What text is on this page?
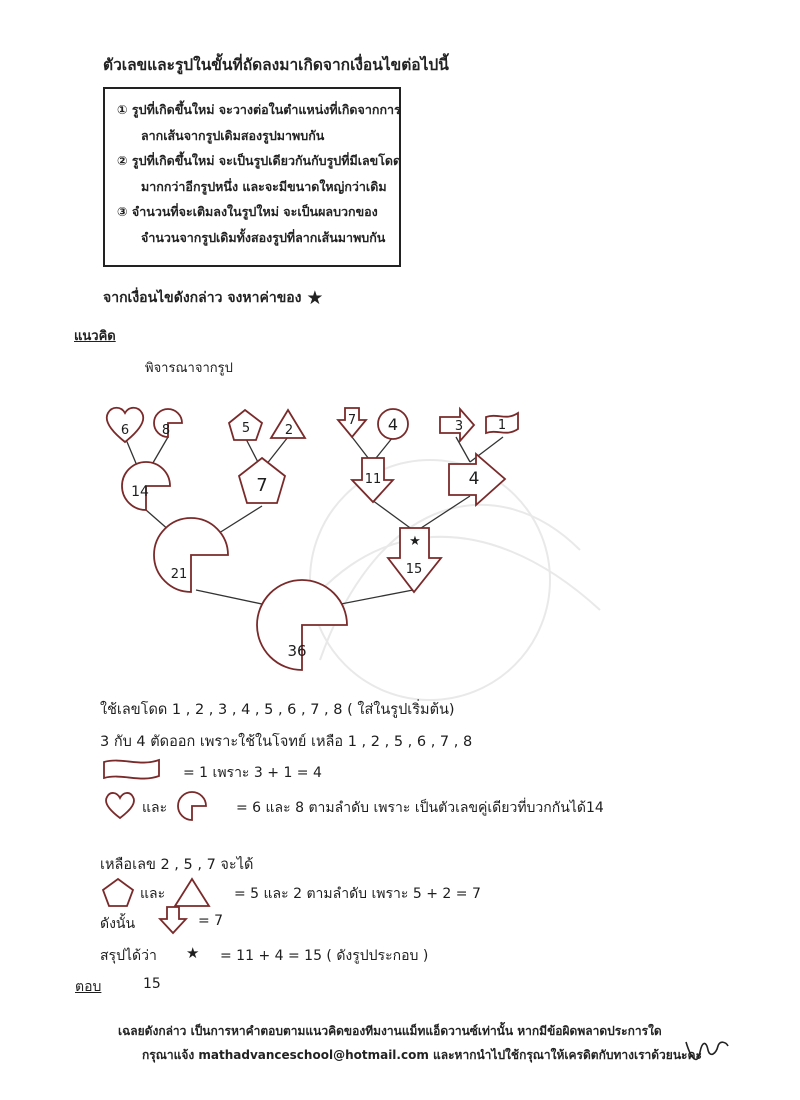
ตัวเลขและรูปในขั้นที่ถัดลงมาเกิดจากเงื่อนไขต่อไปนี้
① รูปที่เกิดขึ้นใหม่ จะวางต่อในตำแหน่งที่เกิดจากการ
ลากเส้นจากรูปเดิมสองรูปมาพบกัน
② รูปที่เกิดขึ้นใหม่ จะเป็นรูปเดียวกันกับรูปที่มีเลขโดด
มากกว่าอีกรูปหนึ่ง และจะมีขนาดใหญ่กว่าเดิม
③ จำนวนที่จะเติมลงในรูปใหม่ จะเป็นผลบวกของ
จำนวนจากรูปเดิมทั้งสองรูปที่ลากเส้นมาพบกัน
จากเงื่อนไขดังกล่าว จงหาค่าของ ★
แนวคิด
พิจารณาจากรูป
6	8	5	2
7 4	3	1
14	7	11	4
21
★
15
36
ใช้เลขโดด 1 , 2 , 3 , 4 , 5 , 6 , 7 , 8 ( ใส่ในรูปเริ่มต้น)
3 กับ 4 ตัดออก เพราะใช้ในโจทย์ เหลือ 1 , 2 , 5 , 6 , 7 , 8
= 1 เพราะ 3 + 1 = 4
และ	= 6 และ 8 ตามลำดับ เพราะ เป็นตัวเลขคู่เดียวที่บวกกันได้14
เหลือเลข 2 , 5 , 7 จะได้
และ	= 5 และ 2 ตามลำดับ เพราะ 5 + 2 = 7
ดังนั้น	= 7
สรุปได้ว่า ★ = 11 + 4 = 15 ( ดังรูปประกอบ )
ตอบ	15
เฉลยดังกล่าว เป็นการหาคำตอบตามแนวคิดของทีมงานแม็ทแอ็ดวานซ์เท่านั้น หากมีข้อผิดพลาดประการใด
กรุณาแจ้ง mathadvanceschool@hotmail.com และหากนำไปใช้กรุณาให้เครดิตกับทางเราด้วยนะคะ
